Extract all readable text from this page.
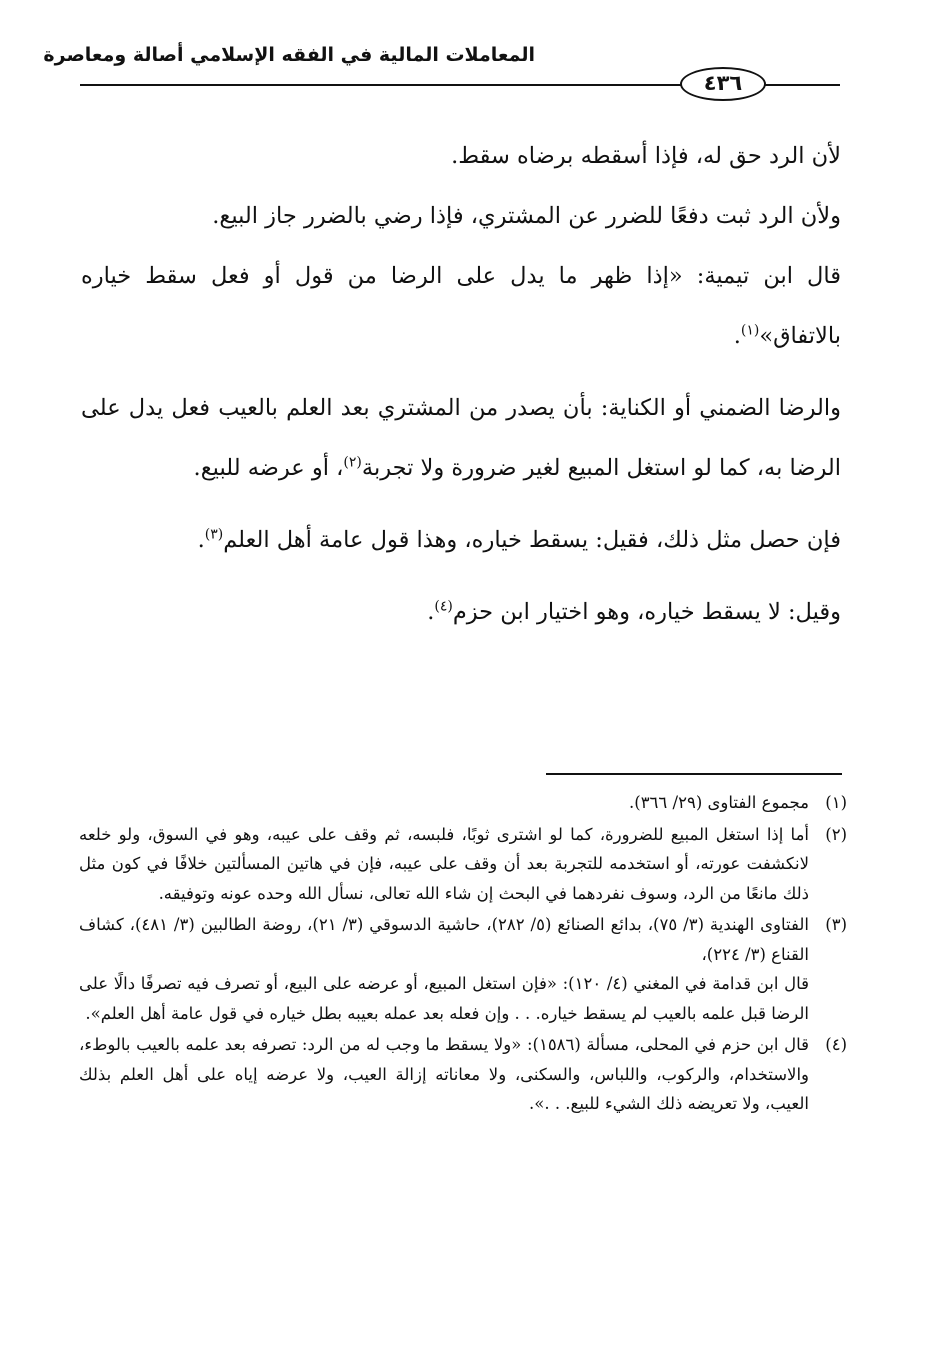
المعاملات المالية في الفقه الإسلامي أصالة ومعاصرة
٤٣٦

لأن الرد حق له، فإذا أسقطه برضاه سقط.

ولأن الرد ثبت دفعًا للضرر عن المشتري، فإذا رضي بالضرر جاز البيع.

قال ابن تيمية: «إذا ظهر ما يدل على الرضا من قول أو فعل سقط خياره بالاتفاق»$^{(١)}$.

والرضا الضمني أو الكناية: بأن يصدر من المشتري بعد العلم بالعيب فعل يدل على الرضا به، كما لو استغل المبيع لغير ضرورة ولا تجربة$^{(٢)}$، أو عرضه للبيع.

فإن حصل مثل ذلك، فقيل: يسقط خياره، وهذا قول عامة أهل العلم$^{(٣)}$.

وقيل: لا يسقط خياره، وهو اختيار ابن حزم$^{(٤)}$.

(١)

مجموع الفتاوى (٢٩/ ٣٦٦).

(٢)

أما إذا استغل المبيع للضرورة، كما لو اشترى ثوبًا، فلبسه، ثم وقف على عيبه، وهو في السوق، ولو خلعه لانكشفت عورته، أو استخدمه للتجربة بعد أن وقف على عيبه، فإن في هاتين المسألتين خلافًا في كون مثل ذلك مانعًا من الرد، وسوف نفردهما في البحث إن شاء الله تعالى، نسأل الله وحده عونه وتوفيقه.

(٣)

الفتاوى الهندية (٣/ ٧٥)، بدائع الصنائع (٥/ ٢٨٢)، حاشية الدسوقي (٣/ ٢١)، روضة الطالبين (٣/ ٤٨١)، كشاف القناع (٣/ ٢٢٤)،

قال ابن قدامة في المغني (٤/ ١٢٠): «فإن استغل المبيع، أو عرضه على البيع، أو تصرف فيه تصرفًا دالًا على الرضا قبل علمه بالعيب لم يسقط خياره. . . وإن فعله بعد عمله بعيبه بطل خياره في قول عامة أهل العلم».

(٤)

قال ابن حزم في المحلى، مسألة (١٥٨٦): «ولا يسقط ما وجب له من الرد: تصرفه بعد علمه بالعيب بالوطء، والاستخدام، والركوب، واللباس، والسكنى، ولا معاناته إزالة العيب، ولا عرضه إياه على أهل العلم بذلك العيب، ولا تعريضه ذلك الشيء للبيع. . .».
